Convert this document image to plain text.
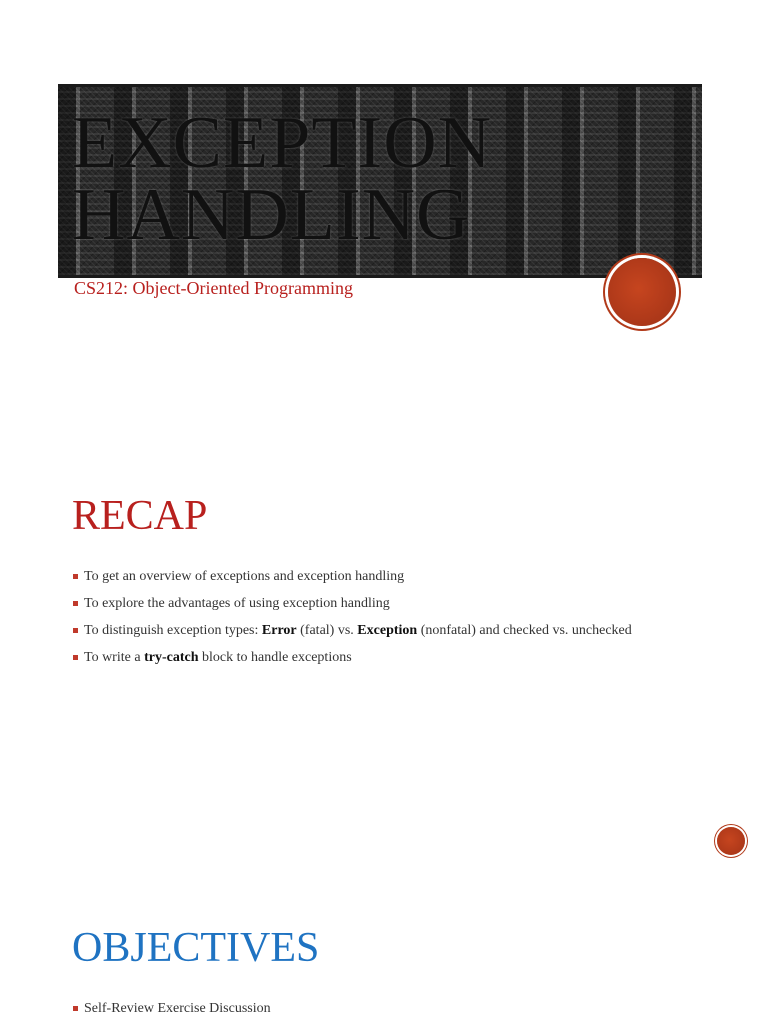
EXCEPTION
HANDLING
CS212: Object-Oriented Programming
RECAP
To get an overview of exceptions and exception handling
To explore the advantages of using exception handling
To distinguish exception types: Error (fatal) vs. Exception (nonfatal) and checked vs. unchecked
To write a try-catch block to handle exceptions
OBJECTIVES
Self-Review Exercise Discussion
